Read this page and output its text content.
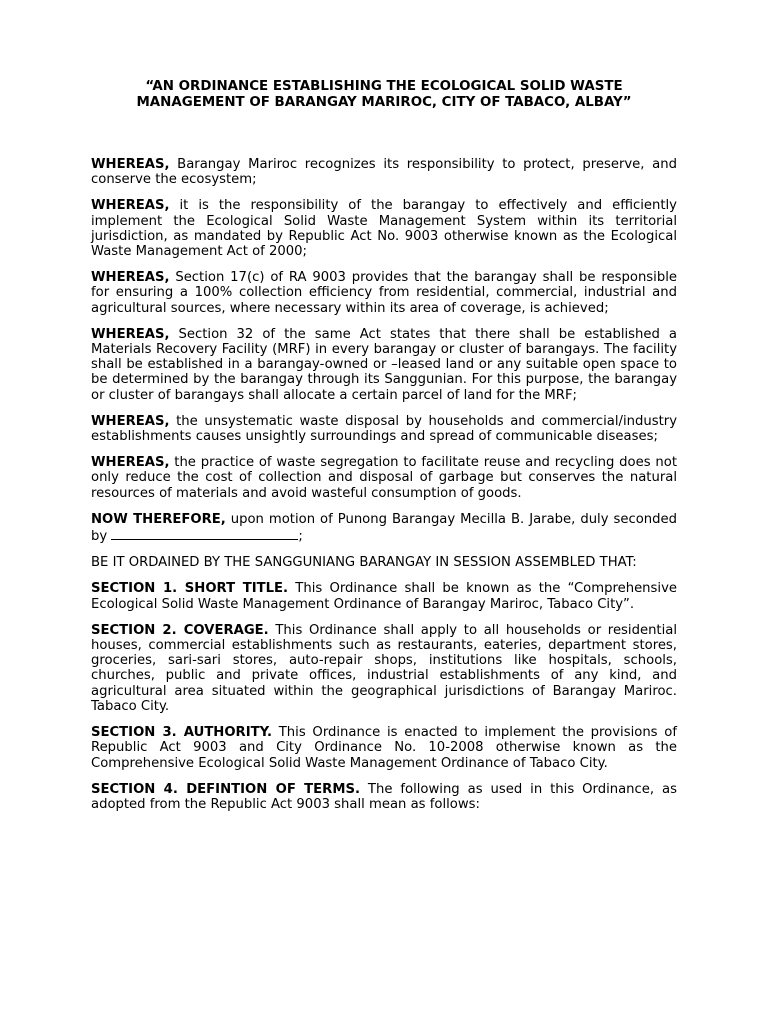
“AN ORDINANCE ESTABLISHING THE ECOLOGICAL SOLID WASTE
MANAGEMENT OF BARANGAY MARIROC, CITY OF TABACO, ALBAY”

WHEREAS, Barangay Mariroc recognizes its responsibility to protect, preserve, and conserve the ecosystem;

WHEREAS, it is the responsibility of the barangay to effectively and efficiently implement the Ecological Solid Waste Management System within its territorial jurisdiction, as mandated by Republic Act No. 9003 otherwise known as the Ecological Waste Management Act of 2000;

WHEREAS, Section 17(c) of RA 9003 provides that the barangay shall be responsible for ensuring a 100% collection efficiency from residential, commercial, industrial and agricultural sources, where necessary within its area of coverage, is achieved;

WHEREAS, Section 32 of the same Act states that there shall be established a Materials Recovery Facility (MRF) in every barangay or cluster of barangays. The facility shall be established in a barangay-owned or –leased land or any suitable open space to be determined by the barangay through its Sanggunian. For this purpose, the barangay or cluster of barangays shall allocate a certain parcel of land for the MRF;

WHEREAS, the unsystematic waste disposal by households and commercial/industry establishments causes unsightly surroundings and spread of communicable diseases;

WHEREAS, the practice of waste segregation to facilitate reuse and recycling does not only reduce the cost of collection and disposal of garbage but conserves the natural resources of materials and avoid wasteful consumption of goods.

NOW THEREFORE, upon motion of Punong Barangay Mecilla B. Jarabe, duly seconded by	;

BE IT ORDAINED BY THE SANGGUNIANG BARANGAY IN SESSION ASSEMBLED THAT:

SECTION 1. SHORT TITLE. This Ordinance shall be known as the “Comprehensive Ecological Solid Waste Management Ordinance of Barangay Mariroc, Tabaco City”.

SECTION 2. COVERAGE. This Ordinance shall apply to all households or residential houses, commercial establishments such as restaurants, eateries, department stores, groceries, sari-sari stores, auto-repair shops, institutions like hospitals, schools, churches, public and private offices, industrial establishments of any kind, and agricultural area situated within the geographical jurisdictions of Barangay Mariroc. Tabaco City.

SECTION 3. AUTHORITY. This Ordinance is enacted to implement the provisions of Republic Act 9003 and City Ordinance No. 10-2008 otherwise known as the Comprehensive Ecological Solid Waste Management Ordinance of Tabaco City.

SECTION 4. DEFINTION OF TERMS. The following as used in this Ordinance, as adopted from the Republic Act 9003 shall mean as follows:
